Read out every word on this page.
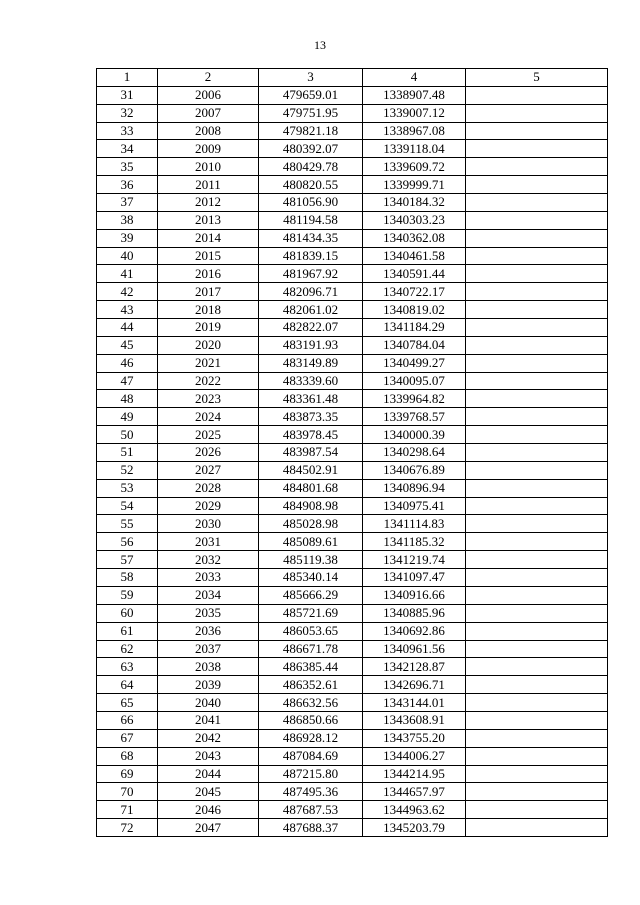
13
1	2	3	4	5
31	2006	479659.01	1338907.48	
32	2007	479751.95	1339007.12	
33	2008	479821.18	1338967.08	
34	2009	480392.07	1339118.04	
35	2010	480429.78	1339609.72	
36	2011	480820.55	1339999.71	
37	2012	481056.90	1340184.32	
38	2013	481194.58	1340303.23	
39	2014	481434.35	1340362.08	
40	2015	481839.15	1340461.58	
41	2016	481967.92	1340591.44	
42	2017	482096.71	1340722.17	
43	2018	482061.02	1340819.02	
44	2019	482822.07	1341184.29	
45	2020	483191.93	1340784.04	
46	2021	483149.89	1340499.27	
47	2022	483339.60	1340095.07	
48	2023	483361.48	1339964.82	
49	2024	483873.35	1339768.57	
50	2025	483978.45	1340000.39	
51	2026	483987.54	1340298.64	
52	2027	484502.91	1340676.89	
53	2028	484801.68	1340896.94	
54	2029	484908.98	1340975.41	
55	2030	485028.98	1341114.83	
56	2031	485089.61	1341185.32	
57	2032	485119.38	1341219.74	
58	2033	485340.14	1341097.47	
59	2034	485666.29	1340916.66	
60	2035	485721.69	1340885.96	
61	2036	486053.65	1340692.86	
62	2037	486671.78	1340961.56	
63	2038	486385.44	1342128.87	
64	2039	486352.61	1342696.71	
65	2040	486632.56	1343144.01	
66	2041	486850.66	1343608.91	
67	2042	486928.12	1343755.20	
68	2043	487084.69	1344006.27	
69	2044	487215.80	1344214.95	
70	2045	487495.36	1344657.97	
71	2046	487687.53	1344963.62	
72	2047	487688.37	1345203.79	
